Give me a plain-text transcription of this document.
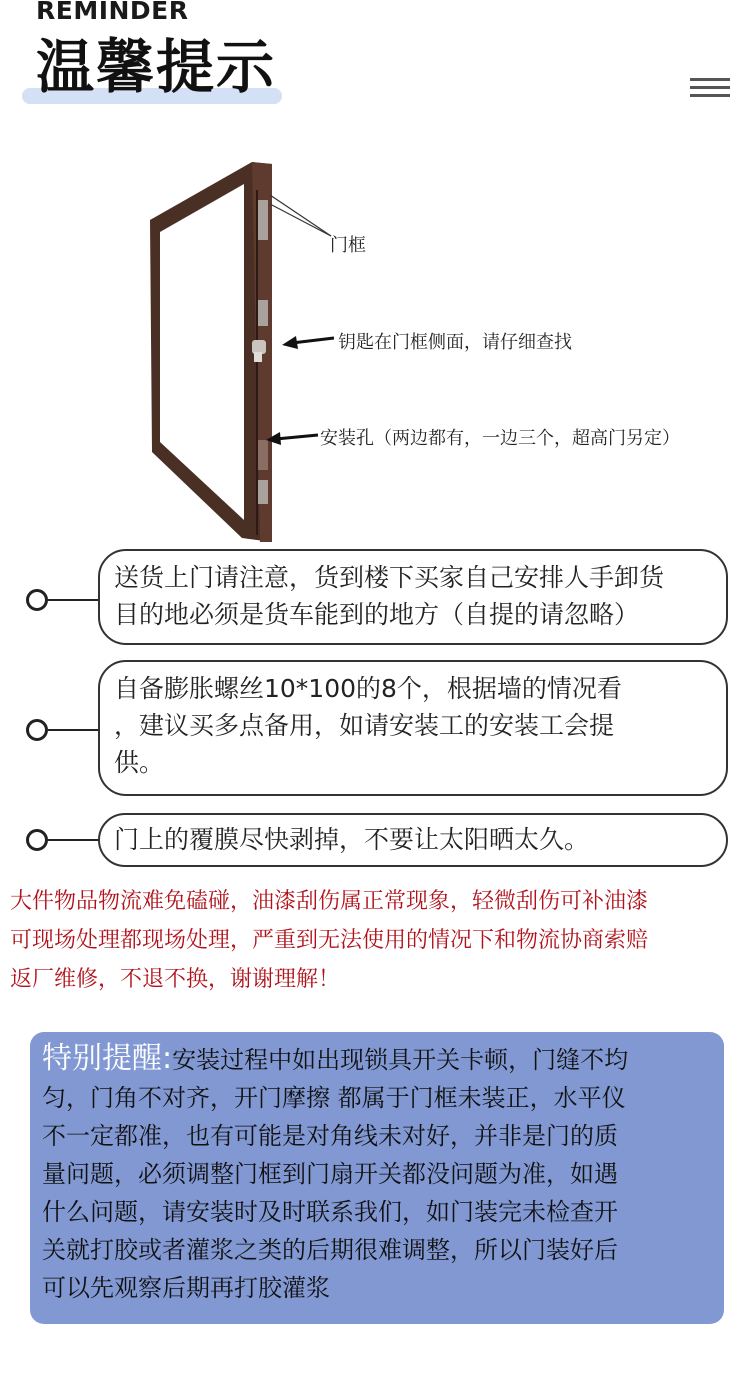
REMINDER
温馨提示
门框
钥匙在门框侧面，请仔细查找
安装孔（两边都有，一边三个，超高门另定）
送货上门请注意，货到楼下买家自己安排人手卸货
目的地必须是货车能到的地方（自提的请忽略）
自备膨胀螺丝10*100的8个，根据墙的情况看
，建议买多点备用，如请安装工的安装工会提
供。
门上的覆膜尽快剥掉，不要让太阳晒太久。
大件物品物流难免磕碰，油漆刮伤属正常现象，轻微刮伤可补油漆
可现场处理都现场处理，严重到无法使用的情况下和物流协商索赔
返厂维修，不退不换，谢谢理解！
特别提醒:安装过程中如出现锁具开关卡顿，门缝不均
匀，门角不对齐，开门摩擦 都属于门框未装正，水平仪
不一定都准，也有可能是对角线未对好，并非是门的质
量问题，必须调整门框到门扇开关都没问题为准，如遇
什么问题，请安装时及时联系我们，如门装完未检查开
关就打胶或者灌浆之类的后期很难调整，所以门装好后
可以先观察后期再打胶灌浆
